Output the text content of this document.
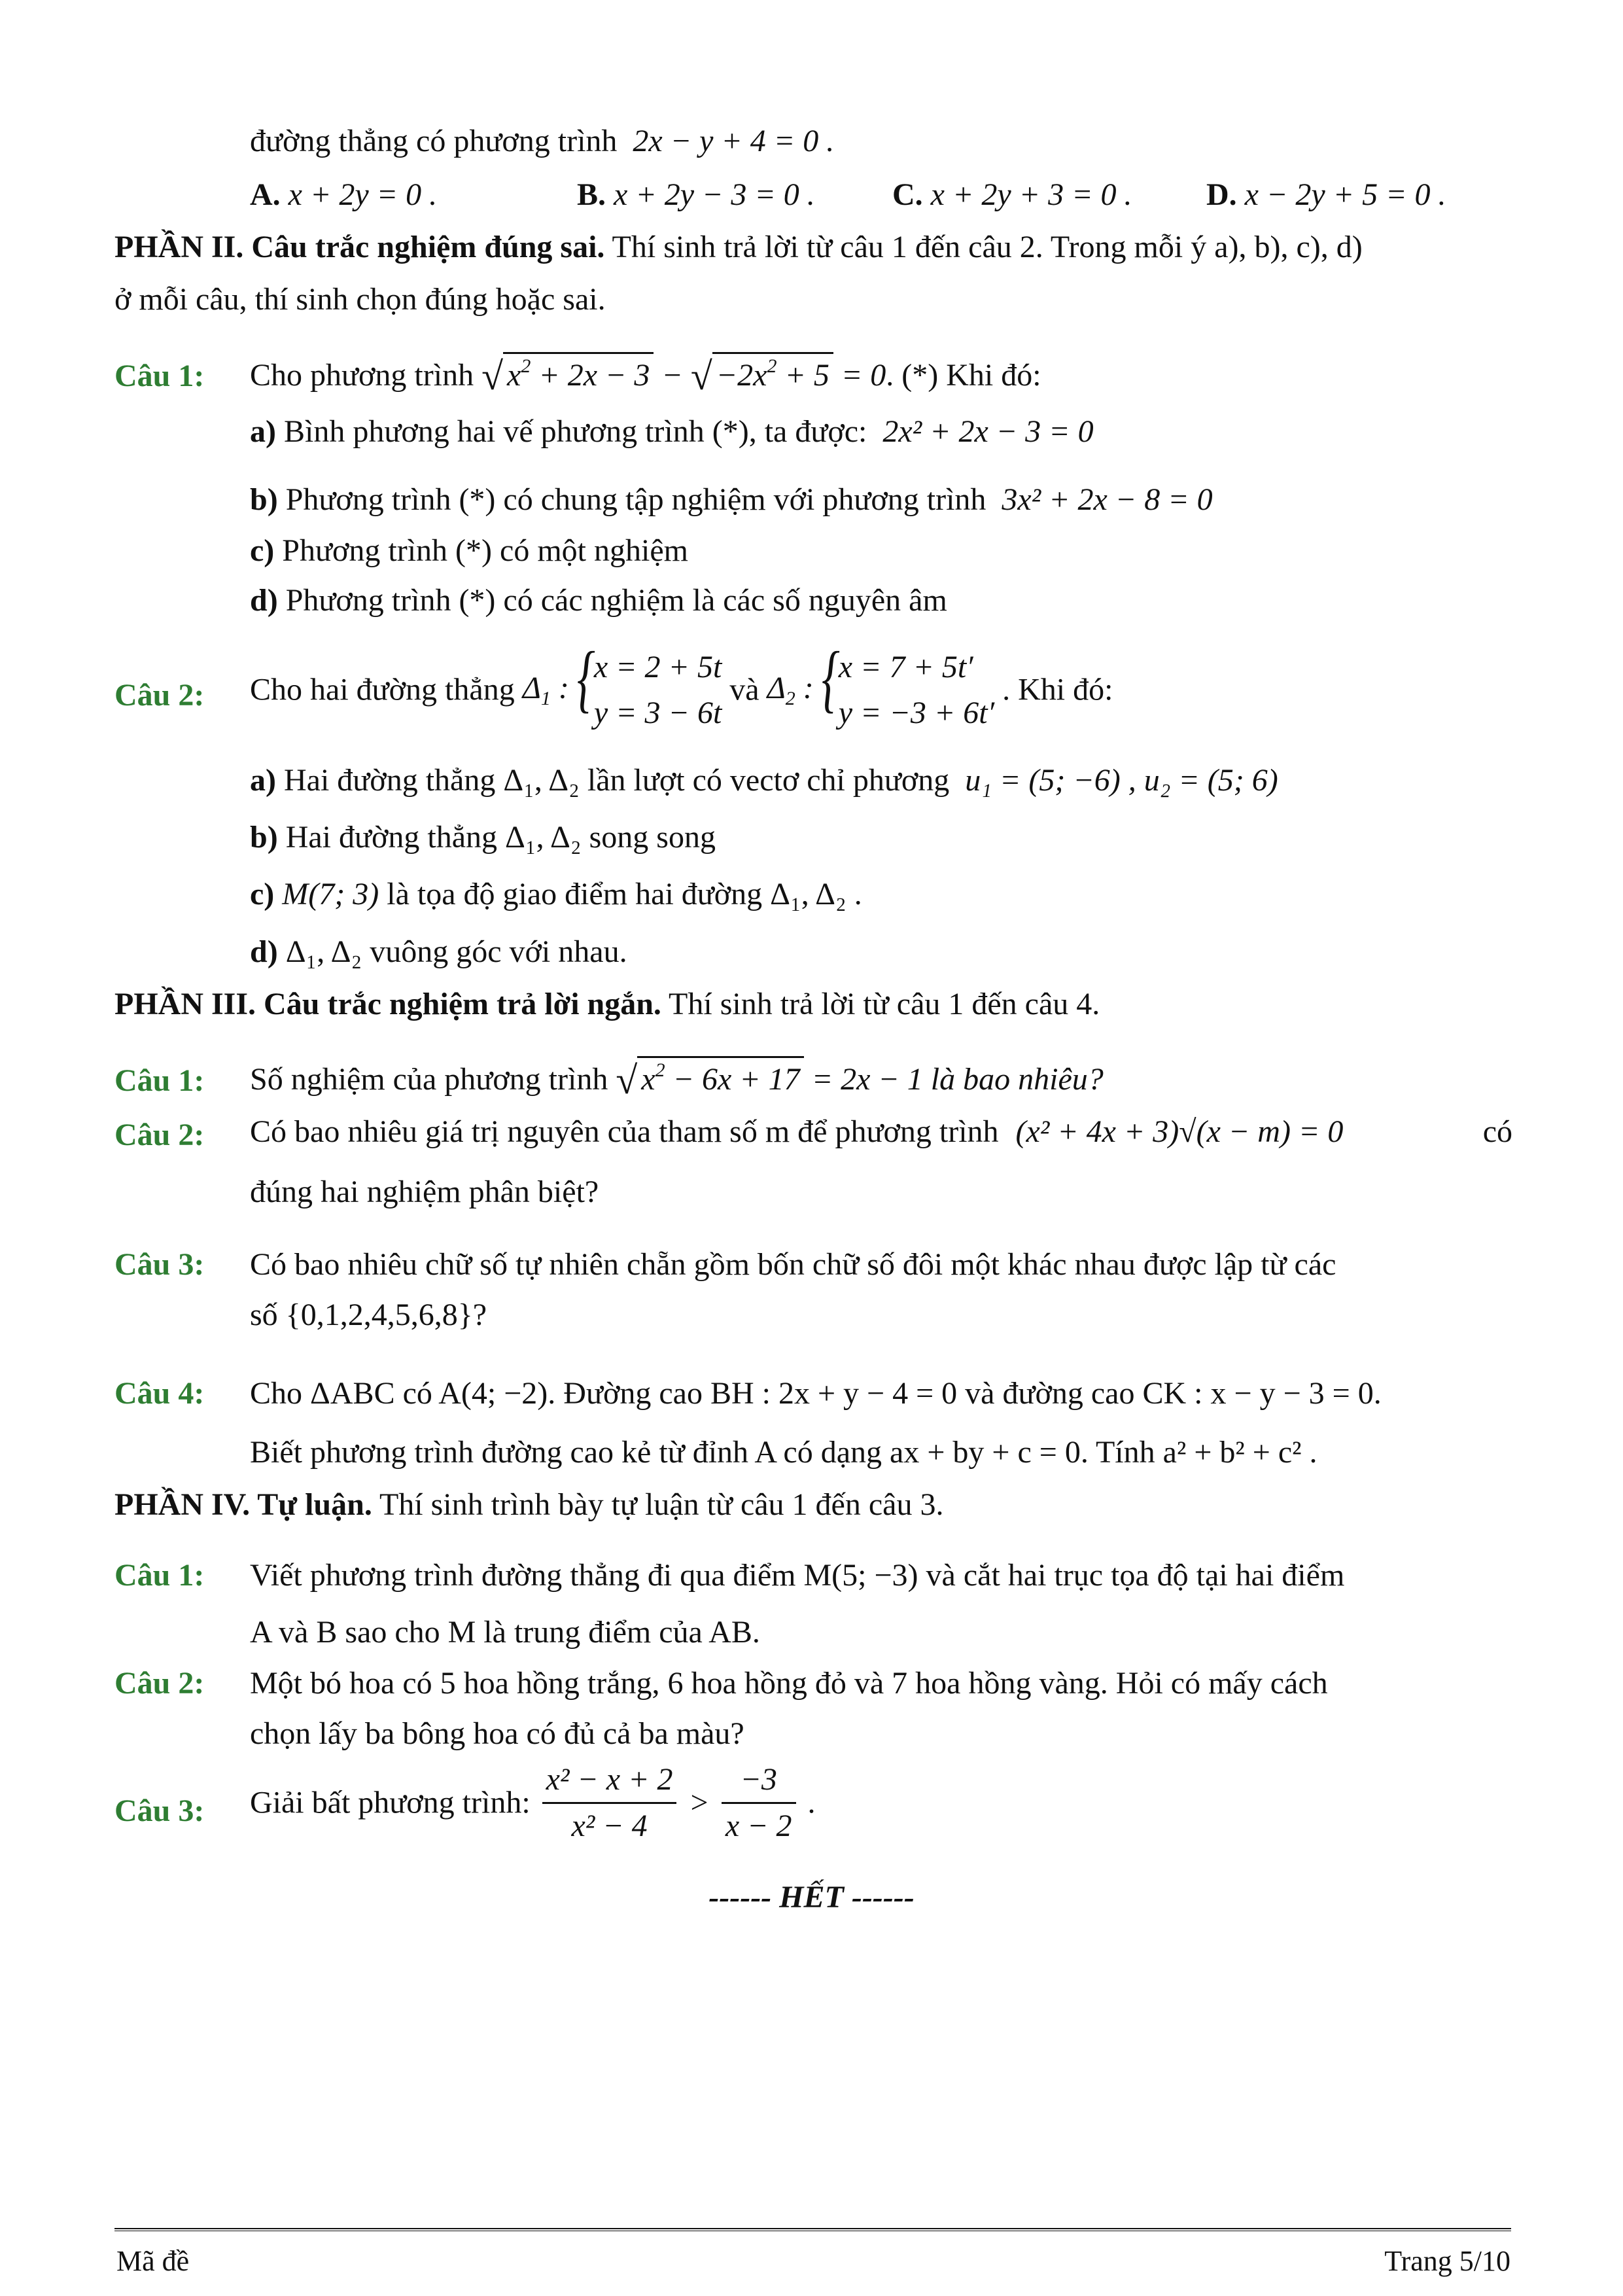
đường thẳng có phương trình 2x − y + 4 = 0 .
A. x + 2y = 0 .	B. x + 2y − 3 = 0 . C. x + 2y + 3 = 0 . D. x − 2y + 5 = 0 .
PHẦN II. Câu trắc nghiệm đúng sai. Thí sinh trả lời từ câu 1 đến câu 2. Trong mỗi ý a), b), c), d)
ở mỗi câu, thí sinh chọn đúng hoặc sai.
Câu 1: Cho phương trình √ $x^2 + 2x - 3$ − √ $-2x^2 + 5 = 0$. (*) Khi đó:
a) Bình phương hai vế phương trình (*), ta được: 2x² + 2x − 3 = 0
b) Phương trình (*) có chung tập nghiệm với phương trình 3x² + 2x − 8 = 0
c) Phương trình (*) có một nghiệm
d) Phương trình (*) có các nghiệm là các số nguyên âm
Câu 2: Cho hai đường thẳng $\Delta_1$ : {
x = 2 + 5t
y = 3 − 6t
và $\Delta_2$ : {
x = 7 + 5t′
y = −3 + 6t′
. Khi đó:
a) Hai đường thẳng Δ₁, Δ₂ lần lượt có vectơ chỉ phương u₁ = (5; −6) , u₂ = (5; 6)
b) Hai đường thẳng Δ₁, Δ₂ song song
c) M(7; 3) là tọa độ giao điểm hai đường Δ₁, Δ₂ .
d) Δ₁, Δ₂ vuông góc với nhau.
PHẦN III. Câu trắc nghiệm trả lời ngắn. Thí sinh trả lời từ câu 1 đến câu 4.
Câu 1: Số nghiệm của phương trình √ $x^2 - 6x + 17 = 2x - 1$ là bao nhiêu?
Câu 2: Có bao nhiêu giá trị nguyên của tham số m để phương trình (x² + 4x + 3)√(x − m) = 0	có
đúng hai nghiệm phân biệt?
Câu 3: Có bao nhiêu chữ số tự nhiên chẵn gồm bốn chữ số đôi một khác nhau được lập từ các
số {0,1,2,4,5,6,8}?
Câu 4: Cho ΔABC có A(4; −2). Đường cao BH : 2x + y − 4 = 0 và đường cao CK : x − y − 3 = 0.
Biết phương trình đường cao kẻ từ đỉnh A có dạng ax + by + c = 0. Tính a² + b² + c² .
PHẦN IV. Tự luận. Thí sinh trình bày tự luận từ câu 1 đến câu 3.
Câu 1: Viết phương trình đường thẳng đi qua điểm M(5; −3) và cắt hai trục tọa độ tại hai điểm
A và B sao cho M là trung điểm của AB.
Câu 2: Một bó hoa có 5 hoa hồng trắng, 6 hoa hồng đỏ và 7 hoa hồng vàng. Hỏi có mấy cách
chọn lấy ba bông hoa có đủ cả ba màu?
Câu 3: Giải bất phương trình: $\frac{\text{x² − x + 2}}{\text{x² − 4}} > \frac{-3}{x - 2}$ .
------ HẾT ------
Mã đề	Trang 5/10
